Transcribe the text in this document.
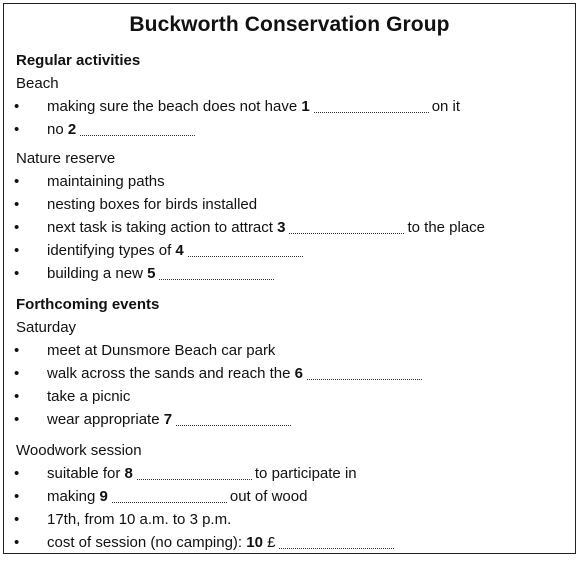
Buckworth Conservation Group
Regular activities
Beach
•	making sure the beach does not have 1	on it
•	no 2
Nature reserve
•	maintaining paths
•	nesting boxes for birds installed
•	next task is taking action to attract 3	to the place
•	identifying types of 4
•	building a new 5
Forthcoming events
Saturday
•	meet at Dunsmore Beach car park
•	walk across the sands and reach the 6
•	take a picnic
•	wear appropriate 7
Woodwork session
•	suitable for 8	to participate in
•	making 9	out of wood
•	17th, from 10 a.m. to 3 p.m.
•	cost of session (no camping): 10 £
